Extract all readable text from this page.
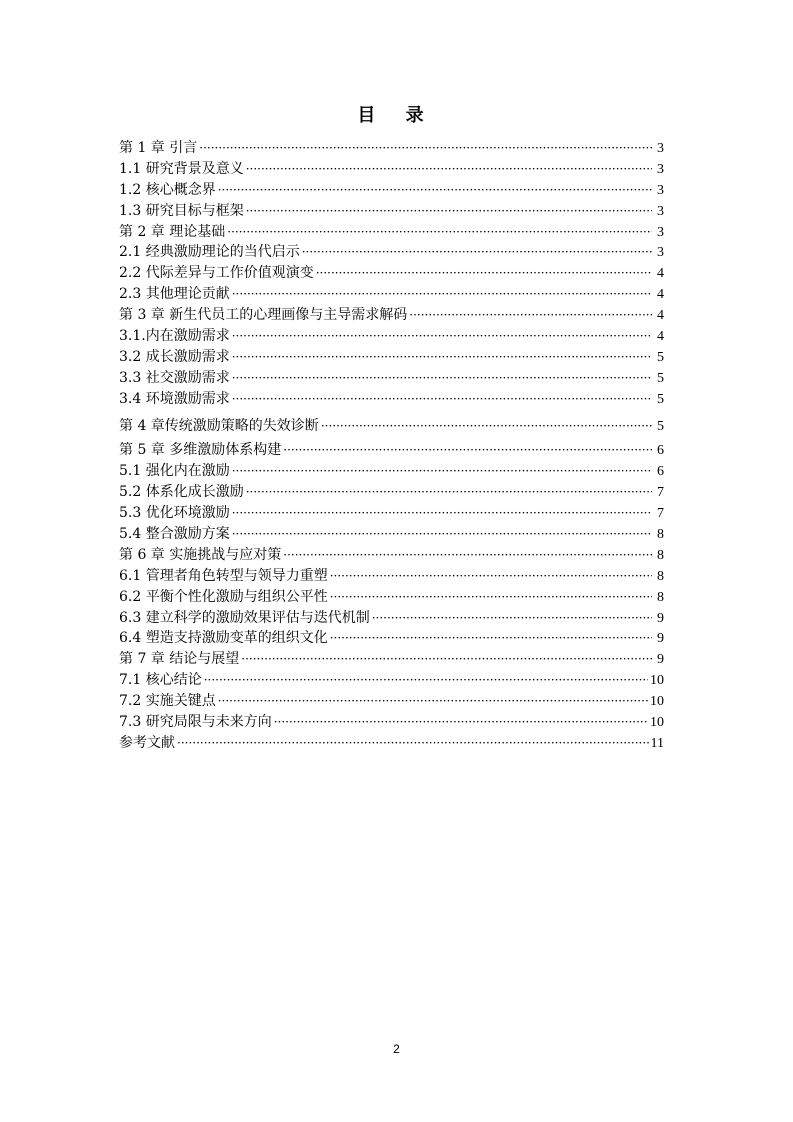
目 录
第 1 章 引言 ·····	3
1.1 研究背景及意义 ·····	3
1.2 核心概念界 ·····	3
1.3 研究目标与框架 ·····	3
第 2 章 理论基础 ·····	3
2.1 经典激励理论的当代启示 ·····	3
2.2 代际差异与工作价值观演变 ·····	4
2.3 其他理论贡献 ·····	4
第 3 章 新生代员工的心理画像与主导需求解码 ·····	4
3.1.内在激励需求 ·····	4
3.2 成长激励需求 ·····	5
3.3 社交激励需求 ·····	5
3.4 环境激励需求 ·····	5
第 4 章传统激励策略的失效诊断 ·····	5
第 5 章 多维激励体系构建 ·····	6
5.1 强化内在激励 ·····	6
5.2 体系化成长激励 ·····	7
5.3 优化环境激励 ·····	7
5.4 整合激励方案 ·····	8
第 6 章 实施挑战与应对策 ·····	8
6.1 管理者角色转型与领导力重塑 ·····	8
6.2 平衡个性化激励与组织公平性 ·····	8
6.3 建立科学的激励效果评估与迭代机制 ·····	9
6.4 塑造支持激励变革的组织文化 ·····	9
第 7 章 结论与展望 ·····	9
7.1 核心结论 ·····	10
7.2 实施关键点 ·····	10
7.3 研究局限与未来方向 ·····	10
参考文献 ·····	11
2
